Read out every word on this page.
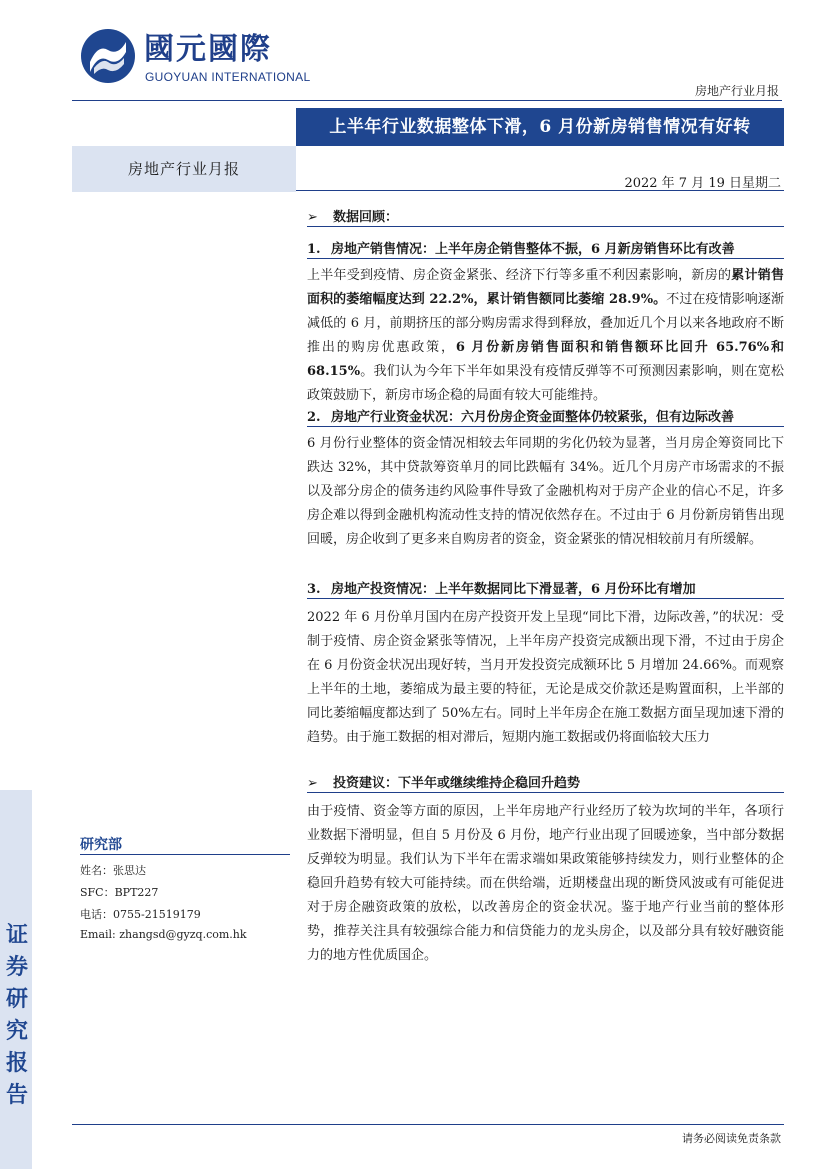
國元國際
GUOYUAN INTERNATIONAL
房地产行业月报
上半年行业数据整体下滑，6 月份新房销售情况有好转
房地产行业月报
2022 年 7 月 19 日星期二
研究部
姓名：张思达
SFC：BPT227
电话：0755-21519179
Email: zhangsd@gyzq.com.hk
证
券
研
究
报
告
➢ 数据回顾：
1. 房地产销售情况：上半年房企销售整体不振，6 月新房销售环比有改善
上半年受到疫情、房企资金紧张、经济下行等多重不利因素影响，新房的累计销售面积的萎缩幅度达到 22.2%，累计销售额同比萎缩 28.9%。不过在疫情影响逐渐减低的 6 月，前期挤压的部分购房需求得到释放，叠加近几个月以来各地政府不断推出的购房优惠政策，6 月份新房销售面积和销售额环比回升 65.76%和 68.15%。我们认为今年下半年如果没有疫情反弹等不可预测因素影响，则在宽松政策鼓励下，新房市场企稳的局面有较大可能维持。
2. 房地产行业资金状况：六月份房企资金面整体仍较紧张，但有边际改善
6 月份行业整体的资金情况相较去年同期的劣化仍较为显著，当月房企筹资同比下跌达 32%，其中贷款筹资单月的同比跌幅有 34%。近几个月房产市场需求的不振以及部分房企的债务违约风险事件导致了金融机构对于房产企业的信心不足，许多房企难以得到金融机构流动性支持的情况依然存在。不过由于 6 月份新房销售出现回暖，房企收到了更多来自购房者的资金，资金紧张的情况相较前月有所缓解。
3. 房地产投资情况：上半年数据同比下滑显著，6 月份环比有增加
2022 年 6 月份单月国内在房产投资开发上呈现“同比下滑，边际改善，”的状况：受制于疫情、房企资金紧张等情况，上半年房产投资完成额出现下滑，不过由于房企在 6 月份资金状况出现好转，当月开发投资完成额环比 5 月增加 24.66%。而观察上半年的土地，萎缩成为最主要的特征，无论是成交价款还是购置面积，上半部的同比萎缩幅度都达到了 50%左右。同时上半年房企在施工数据方面呈现加速下滑的趋势。由于施工数据的相对滞后，短期内施工数据或仍将面临较大压力
➢ 投资建议：下半年或继续维持企稳回升趋势
由于疫情、资金等方面的原因，上半年房地产行业经历了较为坎坷的半年，各项行业数据下滑明显，但自 5 月份及 6 月份，地产行业出现了回暖迹象，当中部分数据反弹较为明显。我们认为下半年在需求端如果政策能够持续发力，则行业整体的企稳回升趋势有较大可能持续。而在供给端，近期楼盘出现的断贷风波或有可能促进对于房企融资政策的放松，以改善房企的资金状况。鉴于地产行业当前的整体形势，推荐关注具有较强综合能力和信贷能力的龙头房企，以及部分具有较好融资能力的地方性优质国企。
请务必阅读免责条款
